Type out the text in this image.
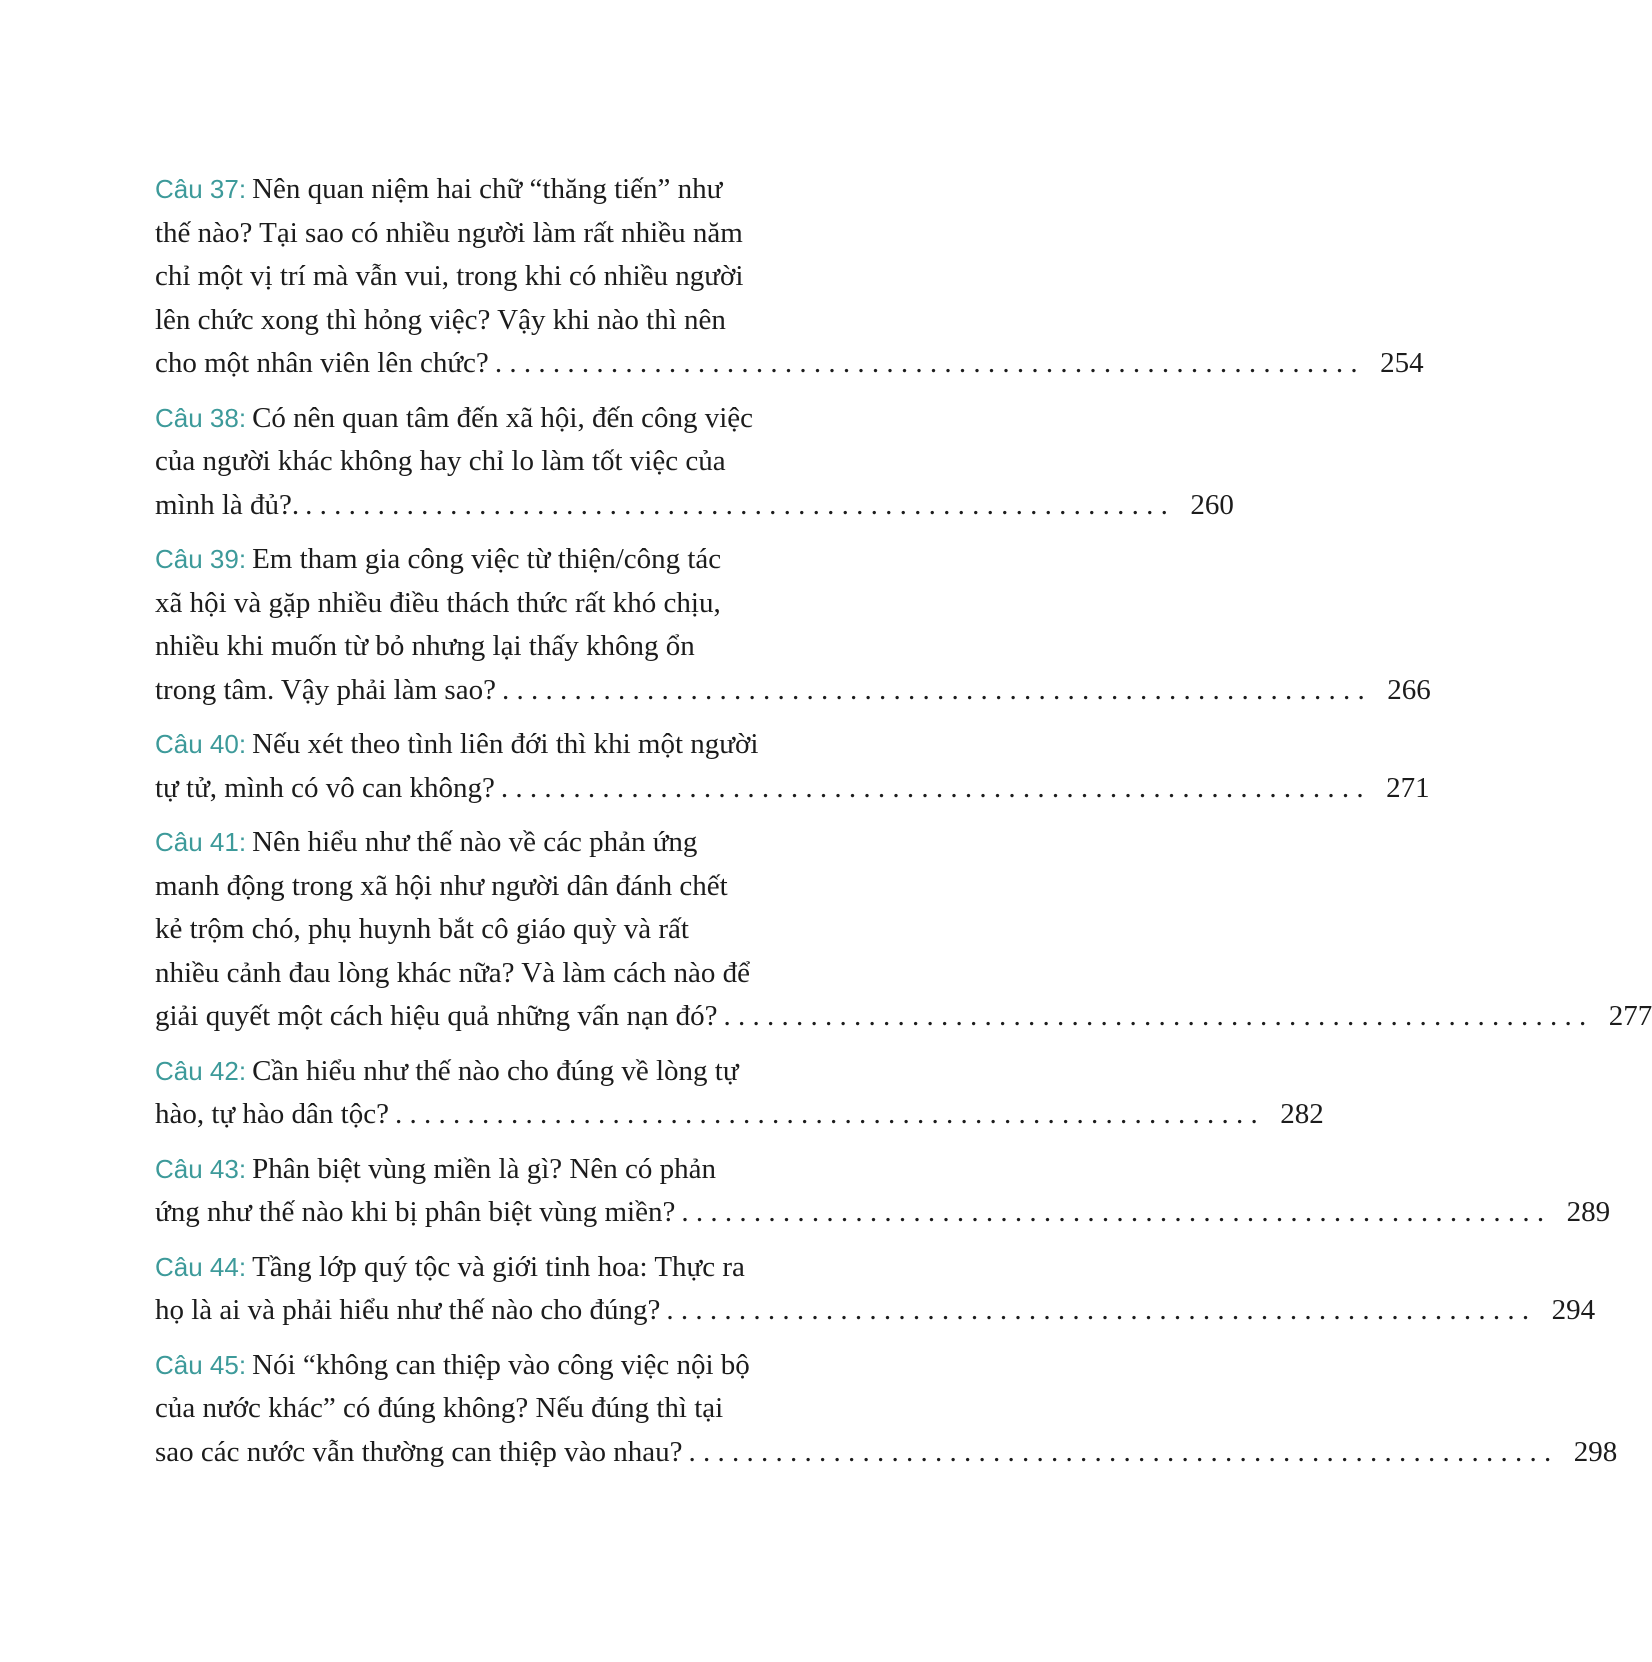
Câu 37: Nên quan niệm hai chữ “thăng tiến” như
thế nào? Tại sao có nhiều người làm rất nhiều năm
chỉ một vị trí mà vẫn vui, trong khi có nhiều người
lên chức xong thì hỏng việc? Vậy khi nào thì nên
cho một nhân viên lên chức? . . . . . . . . . . . . . . . . . . . . . . . . . . . . . . . . . . . . . . . . . . . . . . . . . . . . . . . . . . . . 254
Câu 38: Có nên quan tâm đến xã hội, đến công việc
của người khác không hay chỉ lo làm tốt việc của
mình là đủ?. . . . . . . . . . . . . . . . . . . . . . . . . . . . . . . . . . . . . . . . . . . . . . . . . . . . . . . . . . . . . 260
Câu 39: Em tham gia công việc từ thiện/công tác
xã hội và gặp nhiều điều thách thức rất khó chịu,
nhiều khi muốn từ bỏ nhưng lại thấy không ổn
trong tâm. Vậy phải làm sao? . . . . . . . . . . . . . . . . . . . . . . . . . . . . . . . . . . . . . . . . . . . . . . . . . . . . . . . . . . . . 266
Câu 40: Nếu xét theo tình liên đới thì khi một người
tự tử, mình có vô can không? . . . . . . . . . . . . . . . . . . . . . . . . . . . . . . . . . . . . . . . . . . . . . . . . . . . . . . . . . . . . 271
Câu 41: Nên hiểu như thế nào về các phản ứng
manh động trong xã hội như người dân đánh chết
kẻ trộm chó, phụ huynh bắt cô giáo quỳ và rất
nhiều cảnh đau lòng khác nữa? Và làm cách nào để
giải quyết một cách hiệu quả những vấn nạn đó? . . . . . . . . . . . . . . . . . . . . . . . . . . . . . . . . . . . . . . . . . . . . . . . . . . . . . . . . . . . . 277
Câu 42: Cần hiểu như thế nào cho đúng về lòng tự
hào, tự hào dân tộc? . . . . . . . . . . . . . . . . . . . . . . . . . . . . . . . . . . . . . . . . . . . . . . . . . . . . . . . . . . . . 282
Câu 43: Phân biệt vùng miền là gì? Nên có phản
ứng như thế nào khi bị phân biệt vùng miền? . . . . . . . . . . . . . . . . . . . . . . . . . . . . . . . . . . . . . . . . . . . . . . . . . . . . . . . . . . . . 289
Câu 44: Tầng lớp quý tộc và giới tinh hoa: Thực ra
họ là ai và phải hiểu như thế nào cho đúng? . . . . . . . . . . . . . . . . . . . . . . . . . . . . . . . . . . . . . . . . . . . . . . . . . . . . . . . . . . . . 294
Câu 45: Nói “không can thiệp vào công việc nội bộ
của nước khác” có đúng không? Nếu đúng thì tại
sao các nước vẫn thường can thiệp vào nhau? . . . . . . . . . . . . . . . . . . . . . . . . . . . . . . . . . . . . . . . . . . . . . . . . . . . . . . . . . . . . 298
